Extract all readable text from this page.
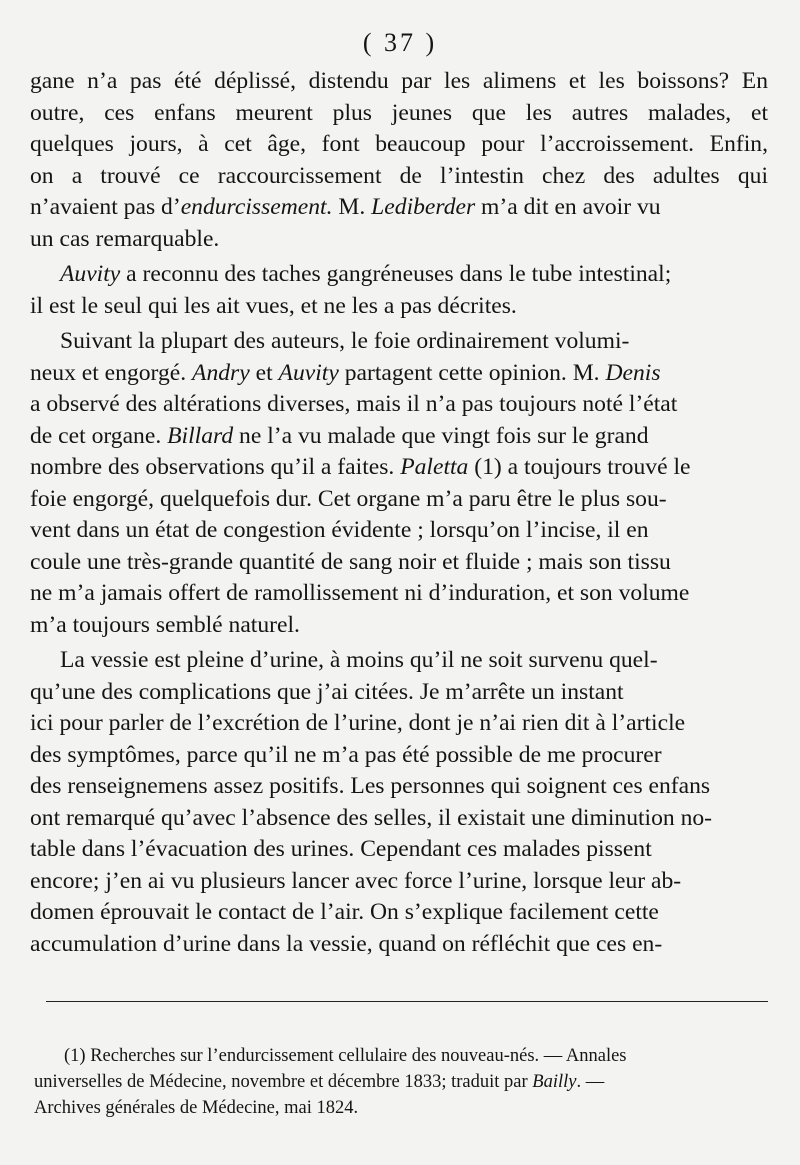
( 37 )
gane n’a pas été déplissé, distendu par les alimens et les boissons? En
outre, ces enfans meurent plus jeunes que les autres malades, et
quelques jours, à cet âge, font beaucoup pour l’accroissement. Enfin,
on a trouvé ce raccourcissement de l’intestin chez des adultes qui
n’avaient pas d’endurcissement. M. Lediberder m’a dit en avoir vu
un cas remarquable.
Auvity a reconnu des taches gangréneuses dans le tube intestinal;
il est le seul qui les ait vues, et ne les a pas décrites.
Suivant la plupart des auteurs, le foie ordinairement volumi-
neux et engorgé. Andry et Auvity partagent cette opinion. M. Denis
a observé des altérations diverses, mais il n’a pas toujours noté l’état
de cet organe. Billard ne l’a vu malade que vingt fois sur le grand
nombre des observations qu’il a faites. Paletta (1) a toujours trouvé le
foie engorgé, quelquefois dur. Cet organe m’a paru être le plus sou-
vent dans un état de congestion évidente ; lorsqu’on l’incise, il en
coule une très-grande quantité de sang noir et fluide ; mais son tissu
ne m’a jamais offert de ramollissement ni d’induration, et son volume
m’a toujours semblé naturel.
La vessie est pleine d’urine, à moins qu’il ne soit survenu quel-
qu’une des complications que j’ai citées. Je m’arrête un instant
ici pour parler de l’excrétion de l’urine, dont je n’ai rien dit à l’article
des symptômes, parce qu’il ne m’a pas été possible de me procurer
des renseignemens assez positifs. Les personnes qui soignent ces enfans
ont remarqué qu’avec l’absence des selles, il existait une diminution no-
table dans l’évacuation des urines. Cependant ces malades pissent
encore; j’en ai vu plusieurs lancer avec force l’urine, lorsque leur ab-
domen éprouvait le contact de l’air. On s’explique facilement cette
accumulation d’urine dans la vessie, quand on réfléchit que ces en-
(1) Recherches sur l’endurcissement cellulaire des nouveau-nés. — Annales
universelles de Médecine, novembre et décembre 1833; traduit par Bailly. —
Archives générales de Médecine, mai 1824.
